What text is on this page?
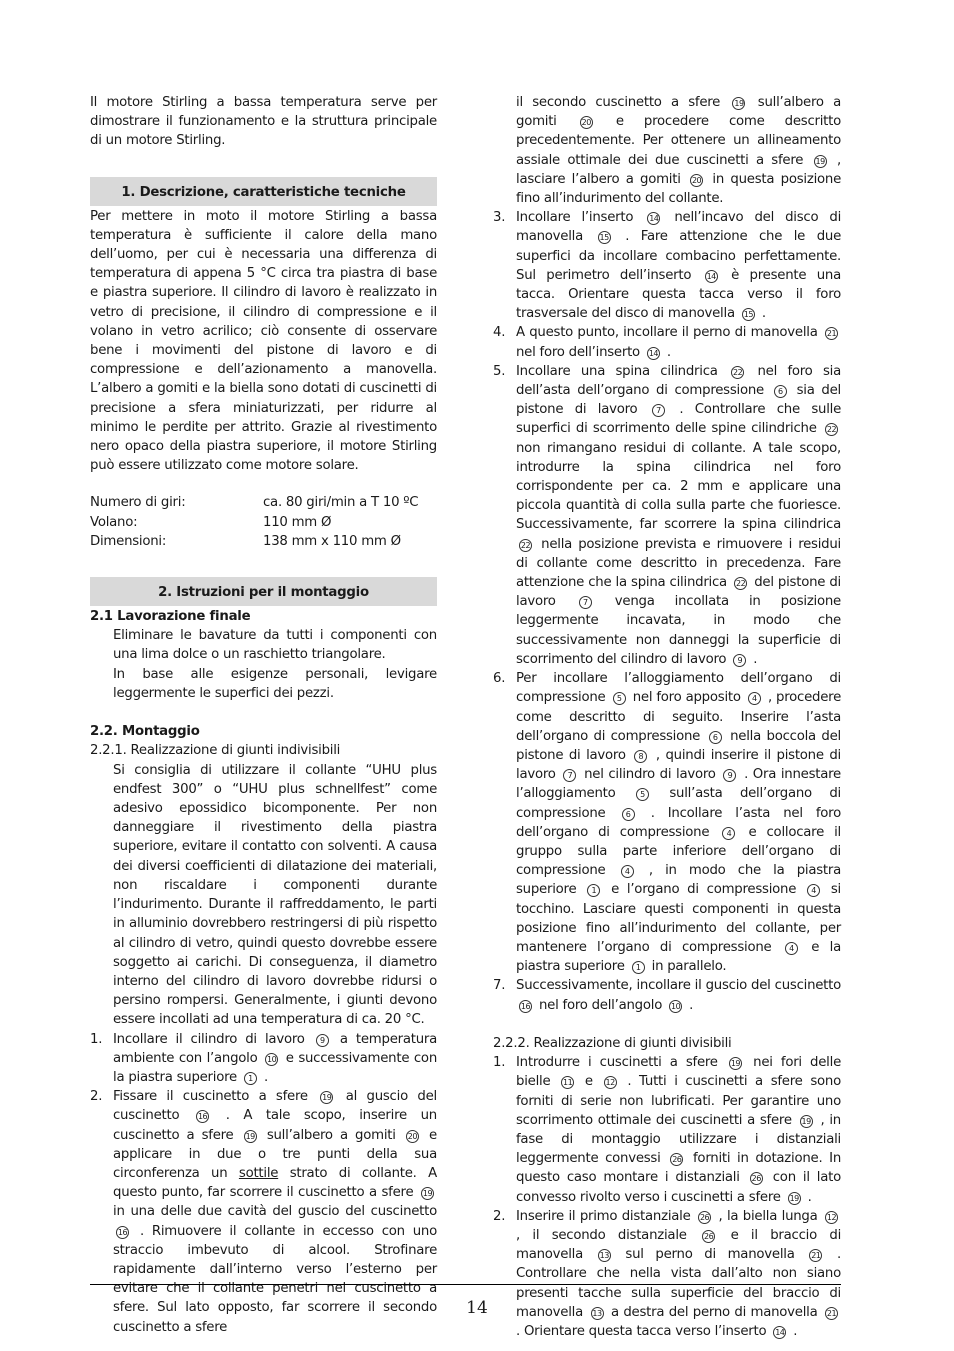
Il motore Stirling a bassa temperatura serve per dimostrare il funzionamento e la struttura principale di un motore Stirling.

1. Descrizione, caratteristiche tecniche

Per mettere in moto il motore Stirling a bassa temperatura è sufficiente il calore della mano dell’uomo, per cui è necessaria una differenza di temperatura di appena 5 °C circa tra piastra di base e piastra superiore. Il cilindro di lavoro è realizzato in vetro di precisione, il cilindro di compressione e il volano in vetro acrilico; ciò consente di osservare bene i movimenti del pistone di lavoro e di compressione e dell’azionamento a manovella. L’albero a gomiti e la biella sono dotati di cuscinetti di precisione a sfera miniaturizzati, per ridurre al minimo le perdite per attrito. Grazie al rivestimento nero opaco della piastra superiore, il motore Stirling può essere utilizzato come motore solare.

Numero di giri:	ca. 80 giri/min a T 10 ºC
Volano:	110 mm Ø
Dimensioni:	138 mm x 110 mm Ø
2. Istruzioni per il montaggio
2.1 Lavorazione finale

Eliminare le bavature da tutti i componenti con una lima dolce o un raschietto triangolare.

In base alle esigenze personali, levigare leggermente le superfici dei pezzi.

2.2. Montaggio
2.2.1. Realizzazione di giunti indivisibili

Si consiglia di utilizzare il collante “UHU plus endfest 300” o “UHU plus schnellfest” come adesivo epossidico bicomponente. Per non danneggiare il rivestimento della piastra superiore, evitare il contatto con solventi. A causa dei diversi coefficienti di dilatazione dei materiali, non riscaldare i componenti durante l’indurimento. Durante il raffreddamento, le parti in alluminio dovrebbero restringersi di più rispetto al cilindro di vetro, quindi questo dovrebbe essere soggetto ai carichi. Di conseguenza, il diametro interno del cilindro di lavoro dovrebbe ridursi o persino rompersi. Generalmente, i giunti devono essere incollati ad una temperatura di ca. 20 °C.

1. Incollare il cilindro di lavoro 9 a temperatura ambiente con l’angolo 10 e successivamente con la piastra superiore 1 .
2. Fissare il cuscinetto a sfere 19 al guscio del cuscinetto 16 . A tale scopo, inserire un cuscinetto a sfere 19 sull’albero a gomiti 20 e applicare in due o tre punti della sua circonferenza un sottile strato di collante. A questo punto, far scorrere il cuscinetto a sfere 19 in una delle due cavità del guscio del cuscinetto 16 . Rimuovere il collante in eccesso con uno straccio imbevuto di alcool. Strofinare rapidamente dall’interno verso l’esterno per evitare che il collante penetri nel cuscinetto a sfere. Sul lato opposto, far scorrere il secondo cuscinetto a sfere
il secondo cuscinetto a sfere 19 sull’albero a gomiti	20 e procedere come descritto precedentemente. Per ottenere un allineamento assiale ottimale dei due cuscinetti a sfere 19 , lasciare l’albero a gomiti 20 in questa posizione fino all’indurimento del collante.
3. Incollare l’inserto 14 nell’incavo del disco di manovella 15 . Fare attenzione che le due superfici da incollare combacino perfettamente. Sul perimetro dell’inserto 14 è presente una tacca. Orientare questa tacca verso il foro trasversale del disco di manovella 15 .
4. A questo punto, incollare il perno di manovella 21 nel foro dell’inserto 14 .
5. Incollare una spina cilindrica 22 nel foro sia dell’asta dell’organo di compressione 6 sia del pistone di lavoro 7 . Controllare che sulle superfici di scorrimento delle spine cilindriche 22 non rimangano residui di collante. A tale scopo, introdurre la spina cilindrica nel foro corrispondente per ca. 2 mm e applicare una piccola quantità di colla sulla parte che fuoriesce. Successivamente, far scorrere la spina cilindrica 22 nella posizione prevista e rimuovere i residui di collante come descritto in precedenza. Fare attenzione che la spina cilindrica 22 del pistone di lavoro	7 venga incollata in posizione leggermente incavata, in modo che successivamente non danneggi la superficie di scorrimento del cilindro di lavoro 9 .
6. Per incollare l’alloggiamento dell’organo di compressione 5 nel foro apposito 4 , procedere come descritto di seguito. Inserire l’asta dell’organo di compressione 6 nella boccola del pistone di lavoro 8 , quindi inserire il pistone di lavoro 7 nel cilindro di lavoro 9 . Ora innestare l’alloggiamento	5 sull’asta dell’organo di compressione	6 . Incollare l’asta nel foro dell’organo di compressione 4 e collocare il gruppo sulla parte inferiore dell’organo di compressione 4 , in modo che la piastra superiore 1 e l’organo di compressione 4 si tocchino. Lasciare questi componenti in questa posizione fino all’indurimento del collante, per mantenere l’organo di compressione 4 e la piastra superiore 1 in parallelo.
7. Successivamente, incollare il guscio del cuscinetto 16 nel foro dell’angolo 10 .
2.2.2. Realizzazione di giunti divisibili
1. Introdurre i cuscinetti a sfere 19 nei fori delle bielle 11 e 12 . Tutti i cuscinetti a sfere sono forniti di serie non lubrificati. Per garantire uno scorrimento ottimale dei cuscinetti a sfere 19 , in fase di montaggio utilizzare i distanziali leggermente convessi 26 forniti in dotazione. In questo caso montare i distanziali 26 con il lato convesso rivolto verso i cuscinetti a sfere 19 .
2. Inserire il primo distanziale 26 , la biella lunga 12 , il secondo distanziale 26 e il braccio di manovella 13 sul perno di manovella 21 . Controllare che nella vista dall’alto non siano presenti tacche sulla superficie del braccio di manovella 13 a destra del perno di manovella 21 . Orientare questa tacca verso l’inserto 14 .
14
